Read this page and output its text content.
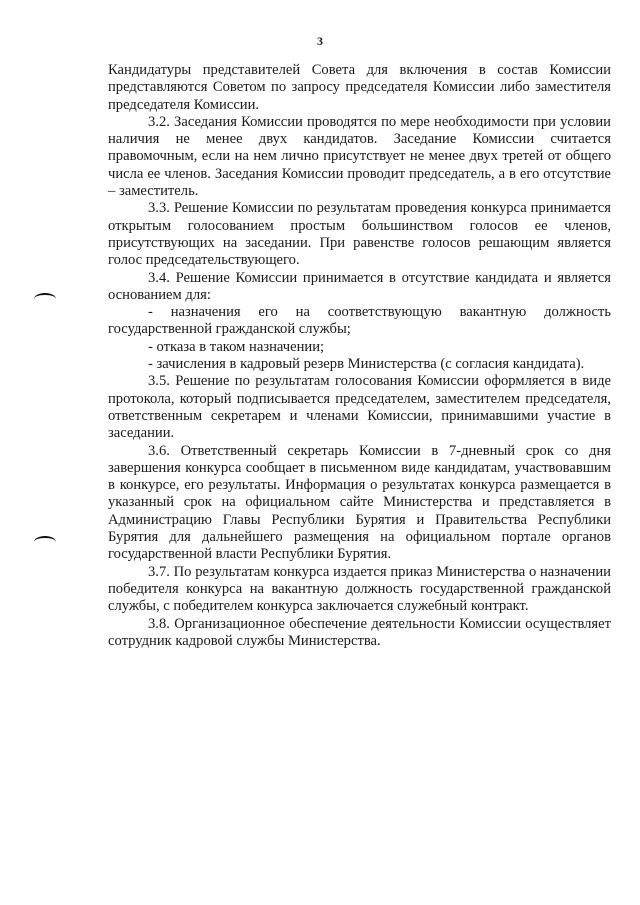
3

Кандидатуры представителей Совета для включения в состав Комиссии представляются Советом по запросу председателя Комиссии либо заместителя председателя Комиссии.

3.2. Заседания Комиссии проводятся по мере необходимости при условии наличия не менее двух кандидатов. Заседание Комиссии считается правомочным, если на нем лично присутствует не менее двух третей от общего числа ее членов. Заседания Комиссии проводит председатель, а в его отсутствие – заместитель.

3.3. Решение Комиссии по результатам проведения конкурса принимается открытым голосованием простым большинством голосов ее членов, присутствующих на заседании. При равенстве голосов решающим является голос председательствующего.

3.4. Решение Комиссии принимается в отсутствие кандидата и является основанием для:

- назначения его на соответствующую вакантную должность государственной гражданской службы;

- отказа в таком назначении;

- зачисления в кадровый резерв Министерства (с согласия кандидата).

3.5. Решение по результатам голосования Комиссии оформляется в виде протокола, который подписывается председателем, заместителем председателя, ответственным секретарем и членами Комиссии, принимавшими участие в заседании.

3.6. Ответственный секретарь Комиссии в 7-дневный срок со дня завершения конкурса сообщает в письменном виде кандидатам, участвовавшим в конкурсе, его результаты. Информация о результатах конкурса размещается в указанный срок на официальном сайте Министерства и представляется в Администрацию Главы Республики Бурятия и Правительства Республики Бурятия для дальнейшего размещения на официальном портале органов государственной власти Республики Бурятия.

3.7. По результатам конкурса издается приказ Министерства о назначении победителя конкурса на вакантную должность государственной гражданской службы, с победителем конкурса заключается служебный контракт.

3.8. Организационное обеспечение деятельности Комиссии осуществляет сотрудник кадровой службы Министерства.
